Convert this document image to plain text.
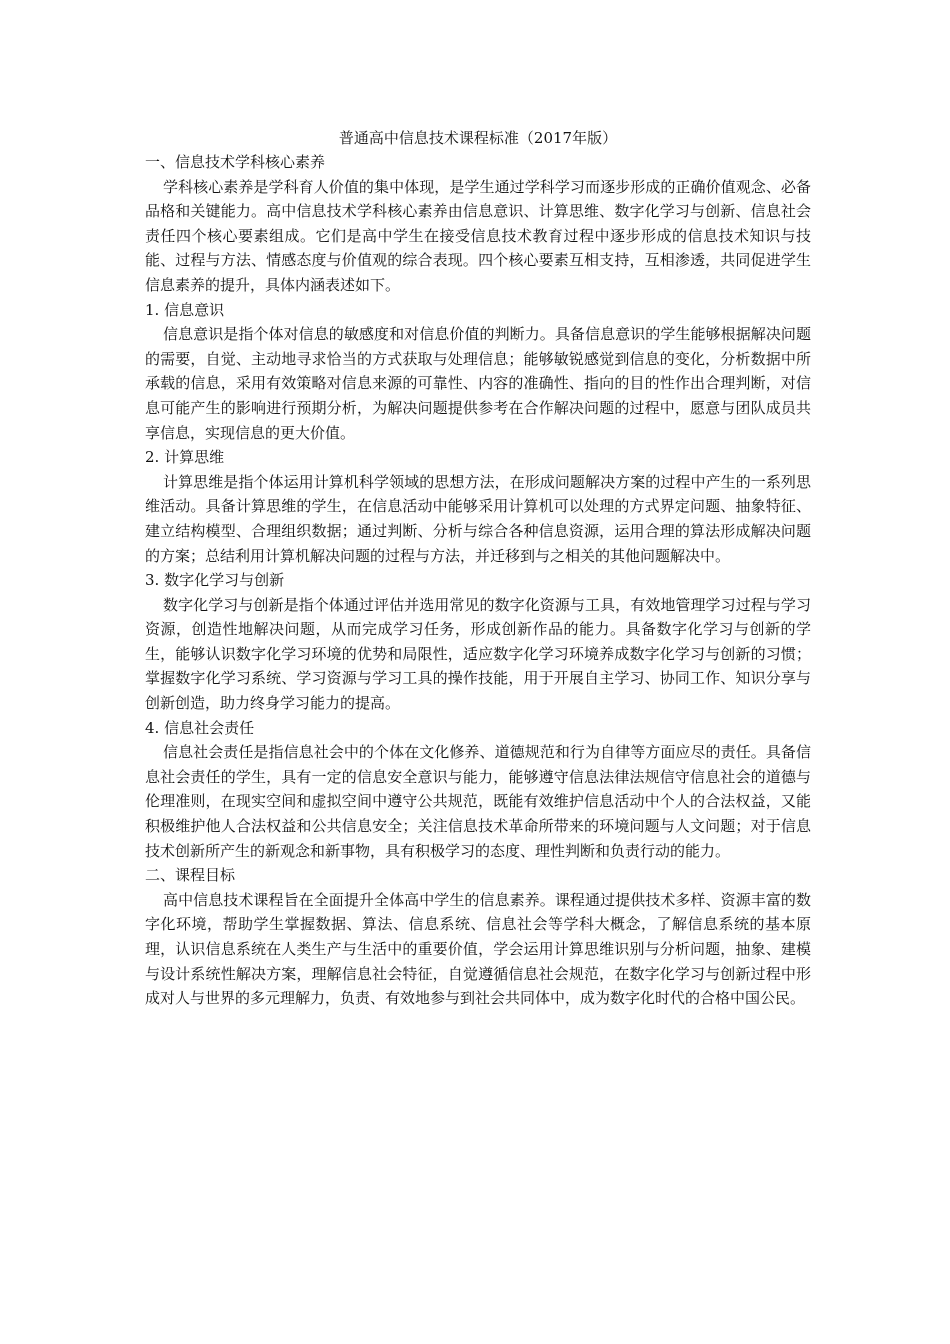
普通高中信息技术课程标准（2017年版）

一、信息技术学科核心素养

学科核心素养是学科育人价值的集中体现，是学生通过学科学习而逐步形成的正确价值观念、必备品格和关键能力。高中信息技术学科核心素养由信息意识、计算思维、数字化学习与创新、信息社会责任四个核心要素组成。它们是高中学生在接受信息技术教育过程中逐步形成的信息技术知识与技能、过程与方法、情感态度与价值观的综合表现。四个核心要素互相支持，互相渗透，共同促进学生信息素养的提升，具体内涵表述如下。

1. 信息意识

信息意识是指个体对信息的敏感度和对信息价值的判断力。具备信息意识的学生能够根据解决问题的需要，自觉、主动地寻求恰当的方式获取与处理信息；能够敏锐感觉到信息的变化，分析数据中所承载的信息，采用有效策略对信息来源的可靠性、内容的准确性、指向的目的性作出合理判断，对信息可能产生的影响进行预期分析，为解决问题提供参考在合作解决问题的过程中，愿意与团队成员共享信息，实现信息的更大价值。

2. 计算思维

计算思维是指个体运用计算机科学领域的思想方法，在形成问题解决方案的过程中产生的一系列思维活动。具备计算思维的学生，在信息活动中能够采用计算机可以处理的方式界定问题、抽象特征、建立结构模型、合理组织数据；通过判断、分析与综合各种信息资源，运用合理的算法形成解决问题的方案；总结利用计算机解决问题的过程与方法，并迁移到与之相关的其他问题解决中。

3. 数字化学习与创新

数字化学习与创新是指个体通过评估并选用常见的数字化资源与工具，有效地管理学习过程与学习资源，创造性地解决问题，从而完成学习任务，形成创新作品的能力。具备数字化学习与创新的学生，能够认识数字化学习环境的优势和局限性，适应数字化学习环境养成数字化学习与创新的习惯；掌握数字化学习系统、学习资源与学习工具的操作技能，用于开展自主学习、协同工作、知识分享与创新创造，助力终身学习能力的提高。

4. 信息社会责任

信息社会责任是指信息社会中的个体在文化修养、道德规范和行为自律等方面应尽的责任。具备信息社会责任的学生，具有一定的信息安全意识与能力，能够遵守信息法律法规信守信息社会的道德与伦理准则，在现实空间和虚拟空间中遵守公共规范，既能有效维护信息活动中个人的合法权益，又能积极维护他人合法权益和公共信息安全；关注信息技术革命所带来的环境问题与人文问题；对于信息技术创新所产生的新观念和新事物，具有积极学习的态度、理性判断和负责行动的能力。

二、课程目标

高中信息技术课程旨在全面提升全体高中学生的信息素养。课程通过提供技术多样、资源丰富的数字化环境，帮助学生掌握数据、算法、信息系统、信息社会等学科大概念，了解信息系统的基本原理，认识信息系统在人类生产与生活中的重要价值，学会运用计算思维识别与分析问题，抽象、建模与设计系统性解决方案，理解信息社会特征，自觉遵循信息社会规范，在数字化学习与创新过程中形成对人与世界的多元理解力，负责、有效地参与到社会共同体中，成为数字化时代的合格中国公民。
